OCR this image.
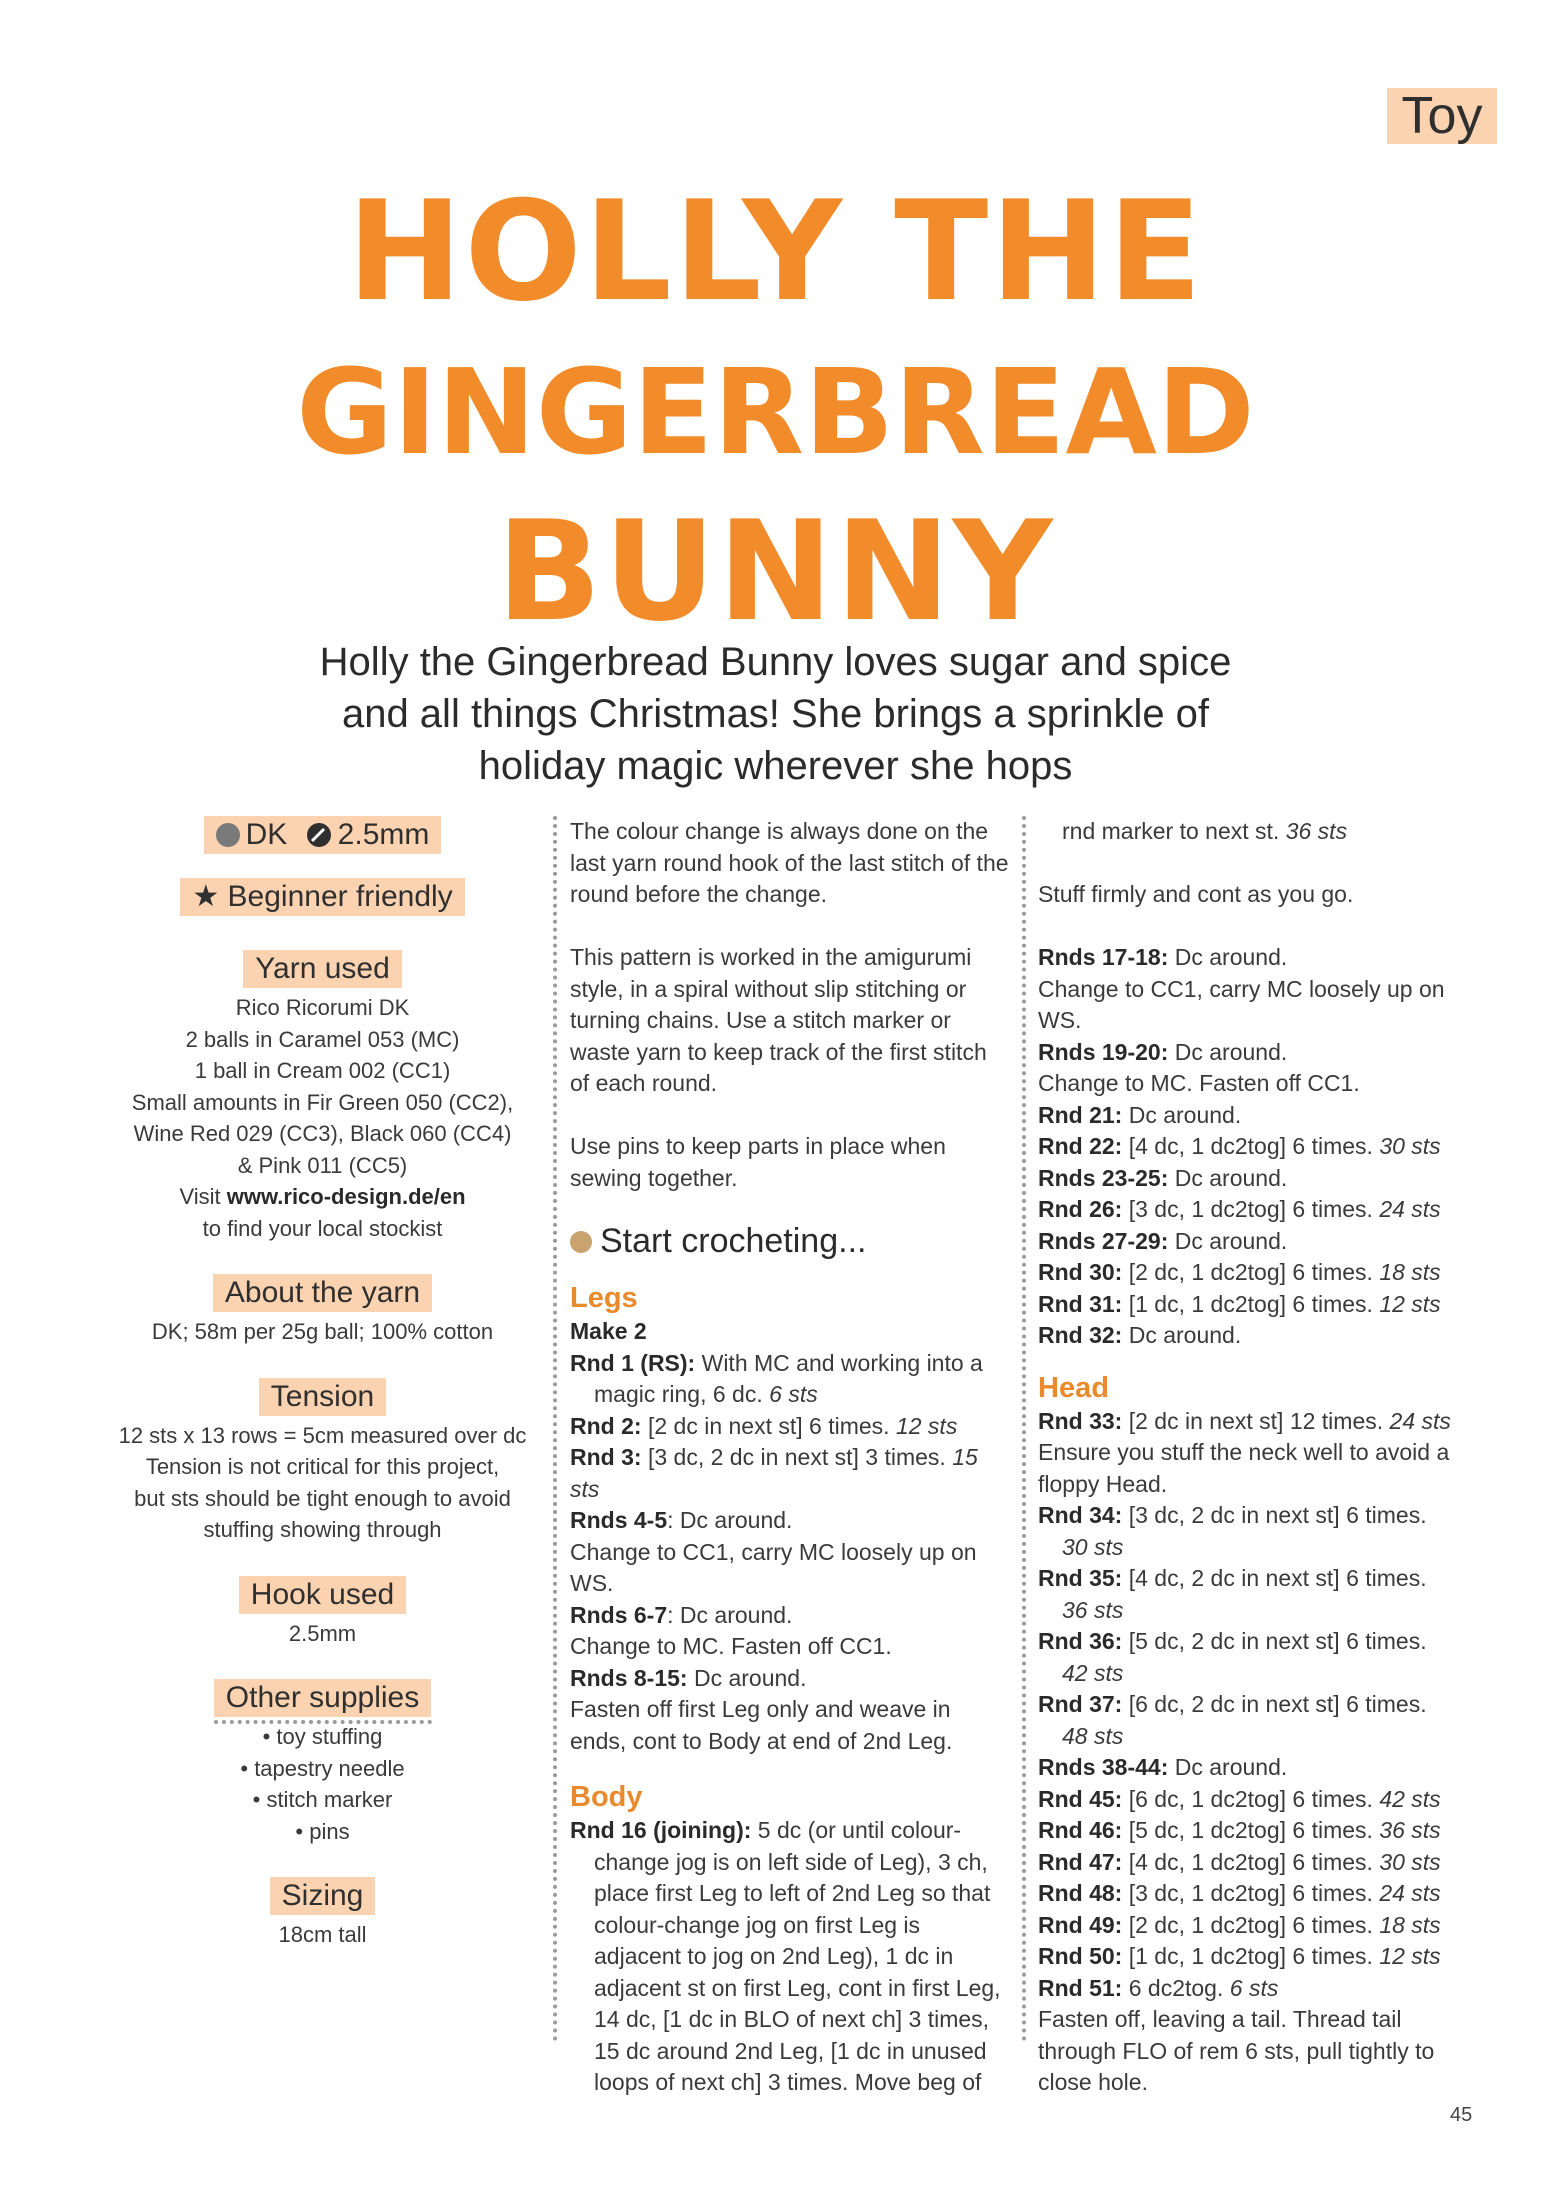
Toy
HOLLY THE
GINGERBREAD
BUNNY
Holly the Gingerbread Bunny loves sugar and spice
and all things Christmas! She brings a sprinkle of
holiday magic wherever she hops
DK 2.5mm
★ Beginner friendly
Yarn used
Rico Ricorumi DK
2 balls in Caramel 053 (MC)
1 ball in Cream 002 (CC1)
Small amounts in Fir Green 050 (CC2),
Wine Red 029 (CC3), Black 060 (CC4)
& Pink 011 (CC5)
Visit www.rico-design.de/en
to find your local stockist
About the yarn
DK; 58m per 25g ball; 100% cotton
Tension
12 sts x 13 rows = 5cm measured over dc
Tension is not critical for this project,
but sts should be tight enough to avoid
stuffing showing through
Hook used
2.5mm
Other supplies
• toy stuffing
• tapestry needle
• stitch marker
• pins
Sizing
18cm tall

The colour change is always done on the last yarn round hook of the last stitch of the round before the change.

This pattern is worked in the amigurumi style, in a spiral without slip stitching or turning chains. Use a stitch marker or waste yarn to keep track of the first stitch of each round.

Use pins to keep parts in place when sewing together.

Start crocheting...
Legs
Make 2
Rnd 1 (RS): With MC and working into a magic ring, 6 dc. 6 sts
Rnd 2: [2 dc in next st] 6 times. 12 sts
Rnd 3: [3 dc, 2 dc in next st] 3 times. 15 sts
Rnds 4-5: Dc around.
Change to CC1, carry MC loosely up on WS.
Rnds 6-7: Dc around.
Change to MC. Fasten off CC1.
Rnds 8-15: Dc around.
Fasten off first Leg only and weave in ends, cont to Body at end of 2nd Leg.
Body
Rnd 16 (joining): 5 dc (or until colour-change jog is on left side of Leg), 3 ch, place first Leg to left of 2nd Leg so that colour-change jog on first Leg is adjacent to jog on 2nd Leg), 1 dc in adjacent st on first Leg, cont in first Leg, 14 dc, [1 dc in BLO of next ch] 3 times, 15 dc around 2nd Leg, [1 dc in unused loops of next ch] 3 times. Move beg of
rnd marker to next st. 36 sts
Stuff firmly and cont as you go.
Rnds 17-18: Dc around.
Change to CC1, carry MC loosely up on WS.
Rnds 19-20: Dc around.
Change to MC. Fasten off CC1.
Rnd 21: Dc around.
Rnd 22: [4 dc, 1 dc2tog] 6 times. 30 sts
Rnds 23-25: Dc around.
Rnd 26: [3 dc, 1 dc2tog] 6 times. 24 sts
Rnds 27-29: Dc around.
Rnd 30: [2 dc, 1 dc2tog] 6 times. 18 sts
Rnd 31: [1 dc, 1 dc2tog] 6 times. 12 sts
Rnd 32: Dc around.
Head
Rnd 33: [2 dc in next st] 12 times. 24 sts
Ensure you stuff the neck well to avoid a floppy Head.
Rnd 34: [3 dc, 2 dc in next st] 6 times.
30 sts
Rnd 35: [4 dc, 2 dc in next st] 6 times.
36 sts
Rnd 36: [5 dc, 2 dc in next st] 6 times.
42 sts
Rnd 37: [6 dc, 2 dc in next st] 6 times.
48 sts
Rnds 38-44: Dc around.
Rnd 45: [6 dc, 1 dc2tog] 6 times. 42 sts
Rnd 46: [5 dc, 1 dc2tog] 6 times. 36 sts
Rnd 47: [4 dc, 1 dc2tog] 6 times. 30 sts
Rnd 48: [3 dc, 1 dc2tog] 6 times. 24 sts
Rnd 49: [2 dc, 1 dc2tog] 6 times. 18 sts
Rnd 50: [1 dc, 1 dc2tog] 6 times. 12 sts
Rnd 51: 6 dc2tog. 6 sts
Fasten off, leaving a tail. Thread tail through FLO of rem 6 sts, pull tightly to close hole.
45
